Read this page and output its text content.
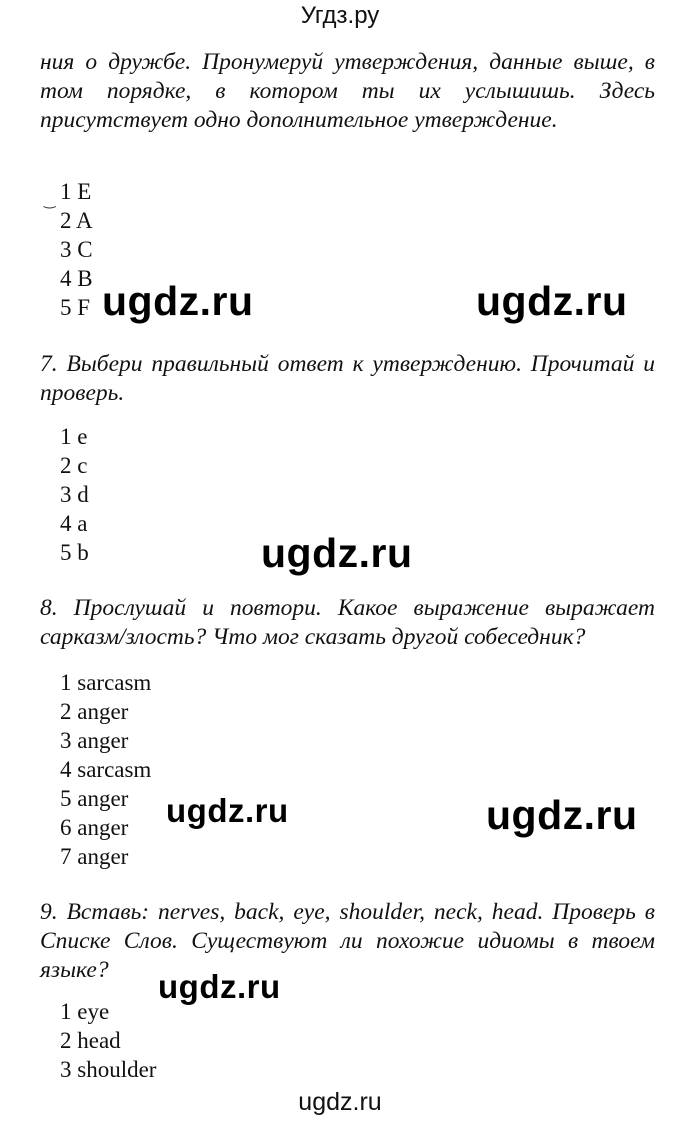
Угдз.ру

ния о дружбе. Пронумеруй утверждения, данные выше, в том порядке, в котором ты их услышишь. Здесь присутствует одно дополнительное утверждение.

‿ 1 E
2 A
3 C
4 B
5 F ugdz.ru	ugdz.ru

7. Выбери правильный ответ к утверждению. Прочитай и проверь.

1 e
2 c
3 d
4 a
5 b	ugdz.ru

8. Прослушай и повтори. Какое выражение выражает сарказм/злость? Что мог сказать другой собеседник?

1 sarcasm
2 anger
3 anger
4 sarcasm
5 anger
6 anger
7 anger
ugdz.ru	ugdz.ru

9. Вставь: nerves, back, eye, shoulder, neck, head. Проверь в Списке Слов. Существуют ли похожие идиомы в твоем языке?	ugdz.ru
1 eye
2 head
3 shoulder
ugdz.ru
